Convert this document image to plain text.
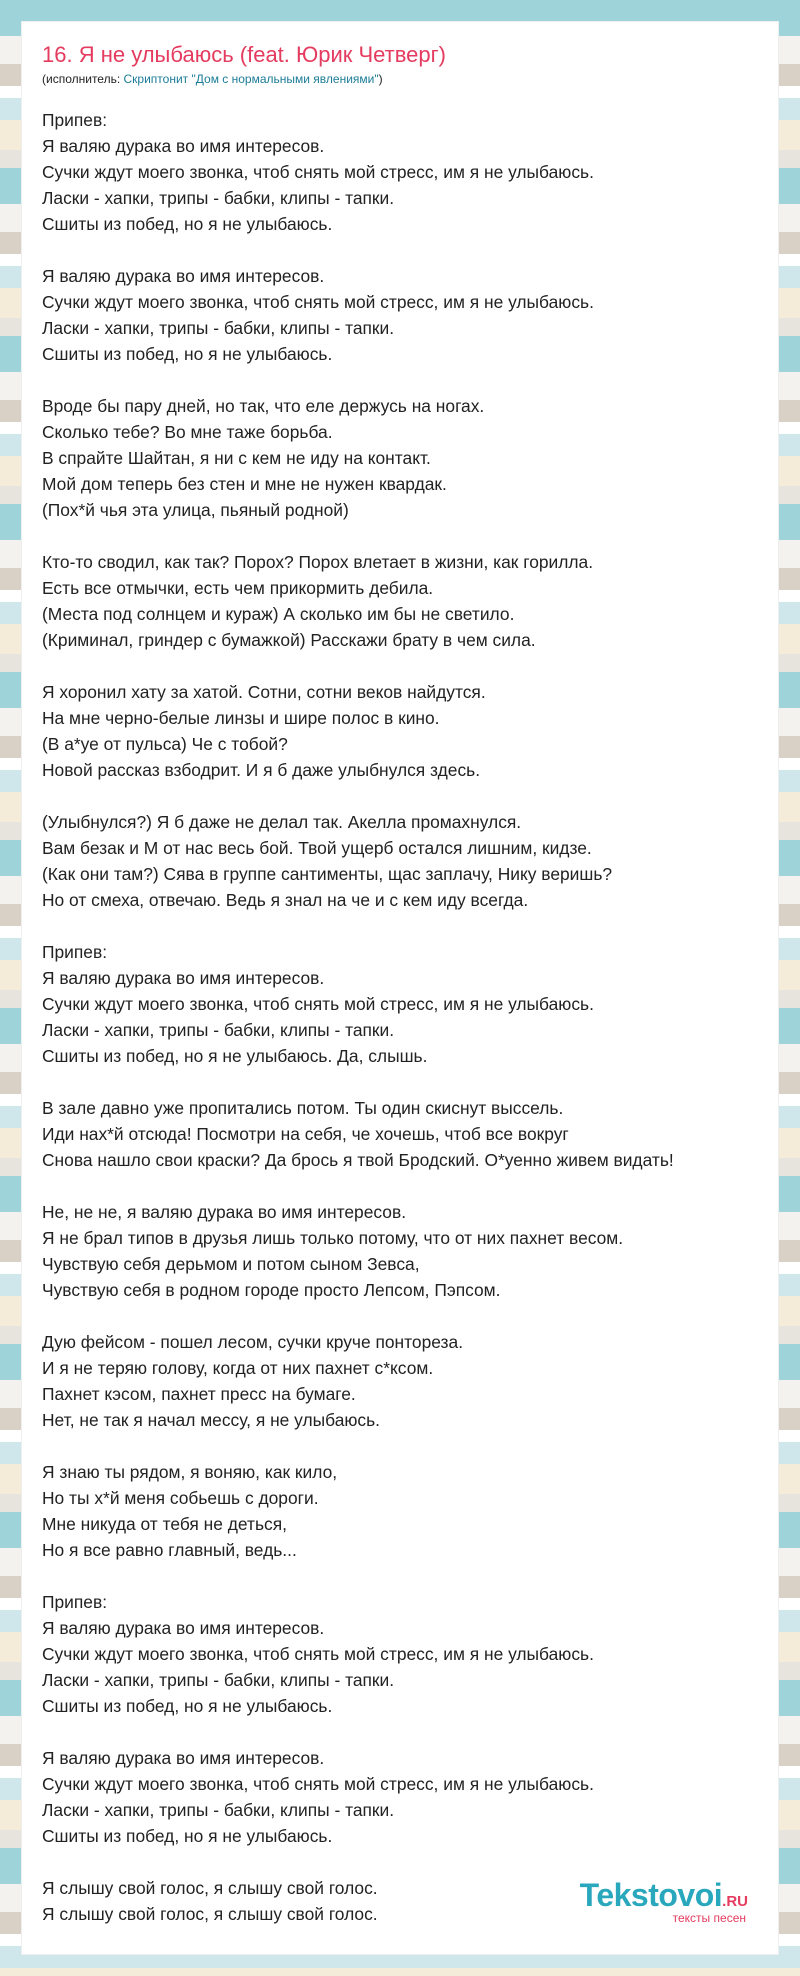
16. Я не улыбаюсь (feat. Юрик Четверг)
(исполнитель: Скриптонит "Дом с нормальными явлениями")
Припев:
Я валяю дурака во имя интересов.
Сучки ждут моего звонка, чтоб снять мой стресс, им я не улыбаюсь.
Ласки - хапки, трипы - бабки, клипы - тапки.
Сшиты из побед, но я не улыбаюсь.
Я валяю дурака во имя интересов.
Сучки ждут моего звонка, чтоб снять мой стресс, им я не улыбаюсь.
Ласки - хапки, трипы - бабки, клипы - тапки.
Сшиты из побед, но я не улыбаюсь.
Вроде бы пару дней, но так, что еле держусь на ногах.
Сколько тебе? Во мне таже борьба.
В спрайте Шайтан, я ни с кем не иду на контакт.
Мой дом теперь без стен и мне не нужен квардак.
(Пох*й чья эта улица, пьяный родной)
Кто-то сводил, как так? Порох? Порох влетает в жизни, как горилла.
Есть все отмычки, есть чем прикормить дебила.
(Места под солнцем и кураж) А сколько им бы не светило.
(Криминал, гриндер с бумажкой) Расскажи брату в чем сила.
Я хоронил хату за хатой. Сотни, сотни веков найдутся.
На мне черно-белые линзы и шире полос в кино.
(В а*уе от пульса) Че с тобой?
Новой рассказ взбодрит. И я б даже улыбнулся здесь.
(Улыбнулся?) Я б даже не делал так. Акелла промахнулся.
Вам безак и М от нас весь бой. Твой ущерб остался лишним, кидзе.
(Как они там?) Сява в группе сантименты, щас заплачу, Нику веришь?
Но от смеха, отвечаю. Ведь я знал на че и с кем иду всегда.
Припев:
Я валяю дурака во имя интересов.
Сучки ждут моего звонка, чтоб снять мой стресс, им я не улыбаюсь.
Ласки - хапки, трипы - бабки, клипы - тапки.
Сшиты из побед, но я не улыбаюсь. Да, слышь.
В зале давно уже пропитались потом. Ты один скиснут выссель.
Иди нах*й отсюда! Посмотри на себя, че хочешь, чтоб все вокруг
Снова нашло свои краски? Да брось я твой Бродский. О*уенно живем видать!
Не, не не, я валяю дурака во имя интересов.
Я не брал типов в друзья лишь только потому, что от них пахнет весом.
Чувствую себя дерьмом и потом сыном Зевса,
Чувствую себя в родном городе просто Лепсом, Пэпсом.
Дую фейсом - пошел лесом, сучки круче понтореза.
И я не теряю голову, когда от них пахнет с*ксом.
Пахнет кэсом, пахнет пресс на бумаге.
Нет, не так я начал мессу, я не улыбаюсь.
Я знаю ты рядом, я воняю, как кило,
Но ты х*й меня собьешь с дороги.
Мне никуда от тебя не деться,
Но я все равно главный, ведь...
Припев:
Я валяю дурака во имя интересов.
Сучки ждут моего звонка, чтоб снять мой стресс, им я не улыбаюсь.
Ласки - хапки, трипы - бабки, клипы - тапки.
Сшиты из побед, но я не улыбаюсь.
Я валяю дурака во имя интересов.
Сучки ждут моего звонка, чтоб снять мой стресс, им я не улыбаюсь.
Ласки - хапки, трипы - бабки, клипы - тапки.
Сшиты из побед, но я не улыбаюсь.
Я слышу свой голос, я слышу свой голос.
Я слышу свой голос, я слышу свой голос.
Tekstovoi.RU
тексты песен
